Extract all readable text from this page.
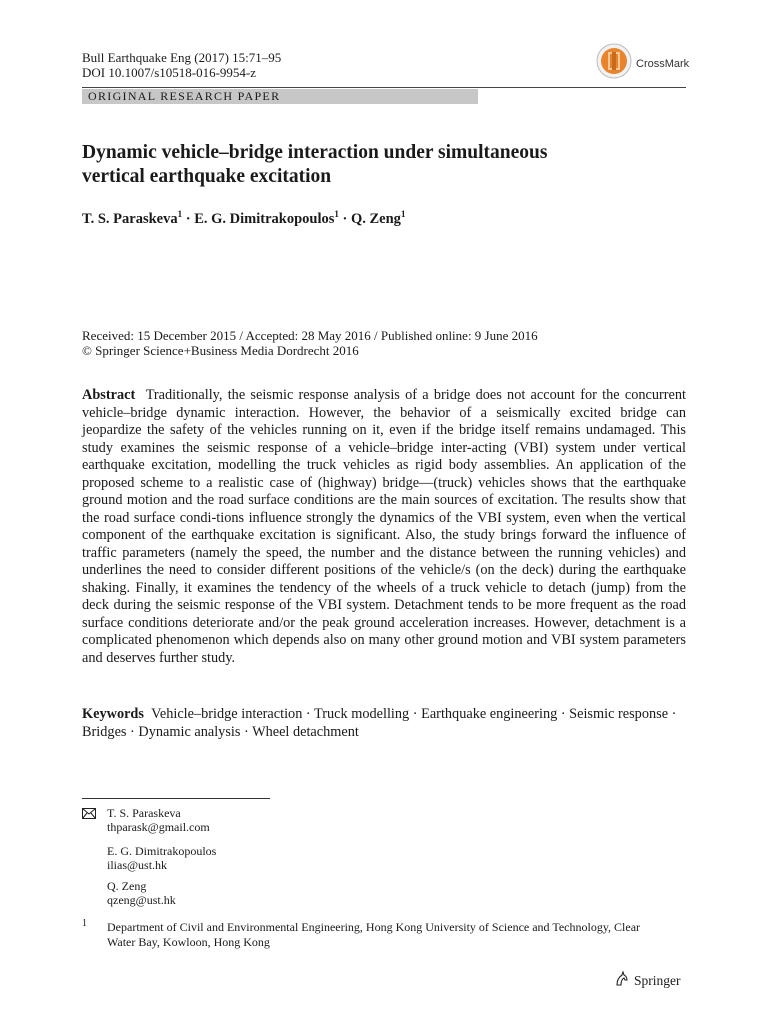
Bull Earthquake Eng (2017) 15:71–95
DOI 10.1007/s10518-016-9954-z
CrossMark
ORIGINAL RESEARCH PAPER
Dynamic vehicle–bridge interaction under simultaneous
vertical earthquake excitation
T. S. Paraskeva$^1$ · E. G. Dimitrakopoulos$^1$ · Q. Zeng$^1$
Received: 15 December 2015 / Accepted: 28 May 2016 / Published online: 9 June 2016
© Springer Science+Business Media Dordrecht 2016

Abstract Traditionally, the seismic response analysis of a bridge does not account for the concurrent vehicle–bridge dynamic interaction. However, the behavior of a seismically excited bridge can jeopardize the safety of the vehicles running on it, even if the bridge itself remains undamaged. This study examines the seismic response of a vehicle–bridge inter-acting (VBI) system under vertical earthquake excitation, modelling the truck vehicles as rigid body assemblies. An application of the proposed scheme to a realistic case of (highway) bridge—(truck) vehicles shows that the earthquake ground motion and the road surface conditions are the main sources of excitation. The results show that the road surface condi-tions influence strongly the dynamics of the VBI system, even when the vertical component of the earthquake excitation is significant. Also, the study brings forward the influence of traffic parameters (namely the speed, the number and the distance between the running vehicles) and underlines the need to consider different positions of the vehicle/s (on the deck) during the earthquake shaking. Finally, it examines the tendency of the wheels of a truck vehicle to detach (jump) from the deck during the seismic response of the VBI system. Detachment tends to be more frequent as the road surface conditions deteriorate and/or the peak ground acceleration increases. However, detachment is a complicated phenomenon which depends also on many other ground motion and VBI system parameters and deserves further study.

Keywords Vehicle–bridge interaction · Truck modelling · Earthquake engineering · Seismic response · Bridges · Dynamic analysis · Wheel detachment

T. S. Paraskeva
thparask@gmail.com
E. G. Dimitrakopoulos
ilias@ust.hk
Q. Zeng
qzeng@ust.hk
1 Department of Civil and Environmental Engineering, Hong Kong University of Science and Technology, Clear Water Bay, Kowloon, Hong Kong

Springer
